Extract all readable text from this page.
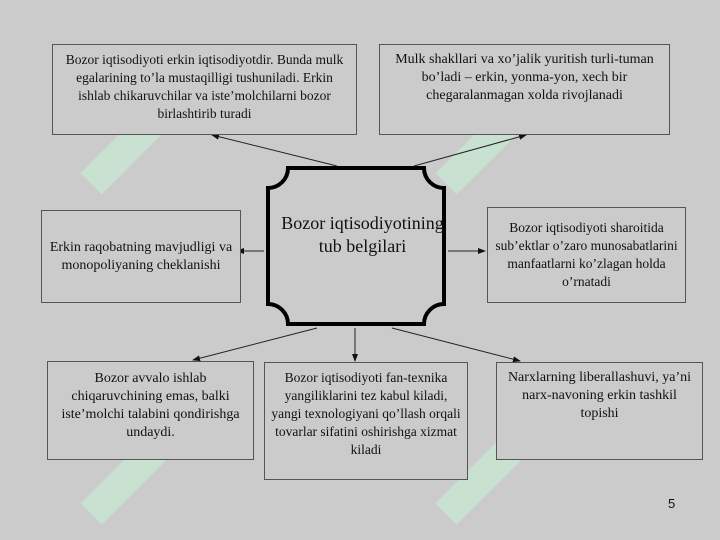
Bozor iqtisodiyotining tub belgilari
Bozor iqtisodiyoti erkin iqtisodiyotdir. Bunda mulk egalarining to’la mustaqilligi tushuniladi. Erkin ishlab chikaruvchilar va iste’molchilarni bozor birlashtirib turadi
Mulk shakllari va xo’jalik yuritish turli-tuman bo’ladi – erkin, yonma-yon, xech bir chegaralanmagan xolda rivojlanadi
Erkin raqobatning mavjudligi va monopoliyaning cheklanishi
Bozor iqtisodiyoti sharoitida sub’ektlar o’zaro munosabatlarini manfaatlarni ko’zlagan holda o’rnatadi
Bozor avvalo ishlab chiqaruvchining emas, balki iste’molchi talabini qondirishga undaydi.
Bozor iqtisodiyoti fan-texnika yangiliklarini tez kabul kiladi, yangi texnologiyani qo’llash orqali tovarlar sifatini oshirishga xizmat kiladi
Narxlarning liberallashuvi, ya’ni narx-navoning erkin tashkil topishi
5
